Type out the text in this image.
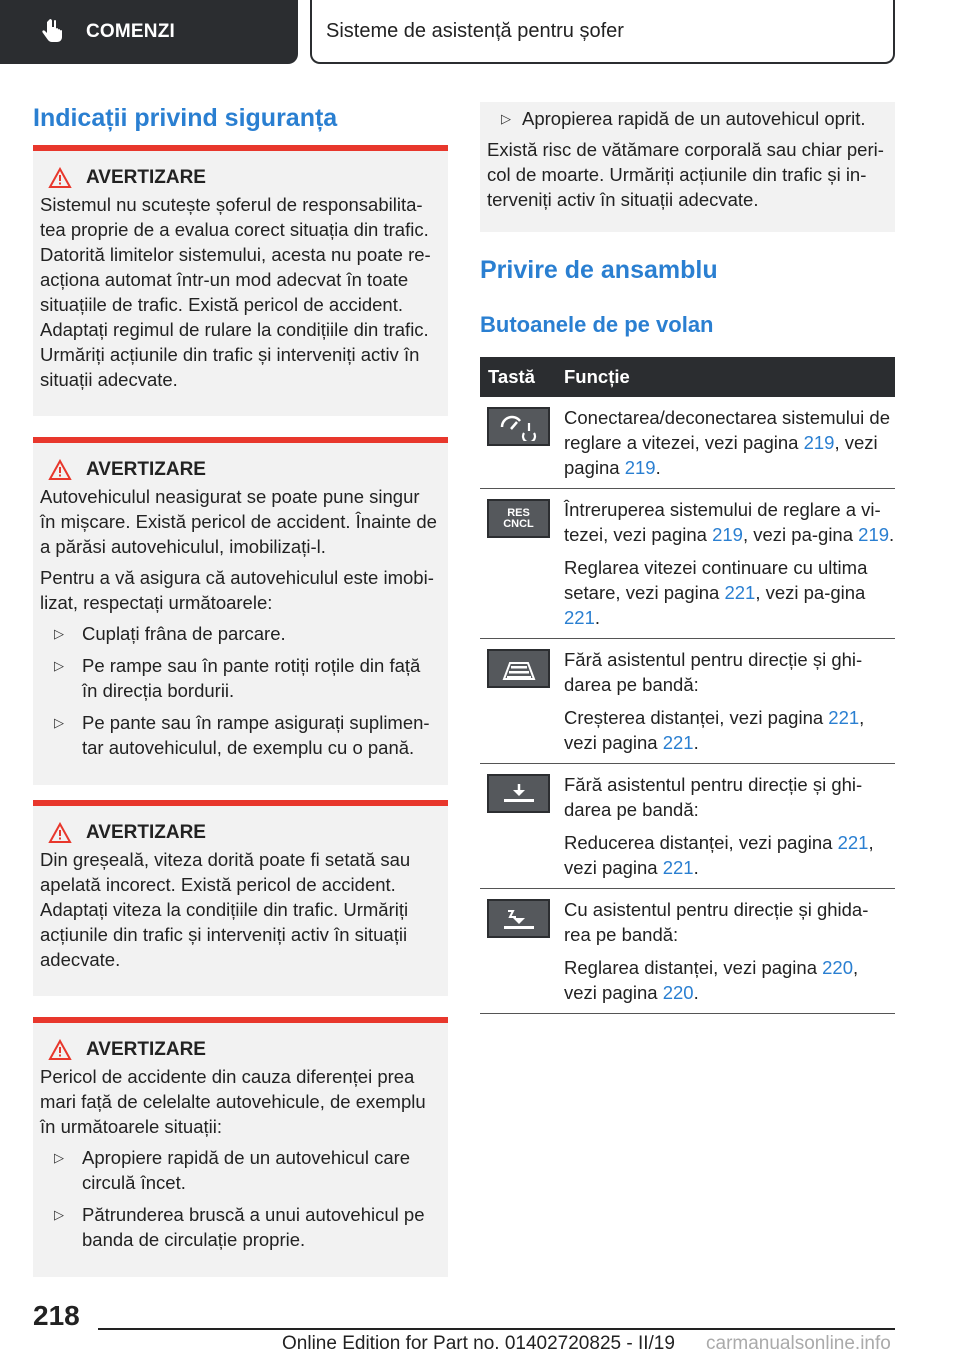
COMENZI	Sisteme de asistență pentru șofer
Indicații privind siguranța
AVERTIZARE

Sistemul nu scutește șoferul de responsabilita-tea proprie de a evalua corect situația din trafic. Datorită limitelor sistemului, acesta nu poate re-acționa automat într-un mod adecvat în toate situațiile de trafic. Există pericol de accident. Adaptați regimul de rulare la condițiile din trafic. Urmăriți acțiunile din trafic și interveniți activ în situații adecvate.

AVERTIZARE

Autovehiculul neasigurat se poate pune singur în mișcare. Există pericol de accident. Înainte de a părăsi autovehiculul, imobilizați-l.

Pentru a vă asigura că autovehiculul este imobi-lizat, respectați următoarele:

▷ Cuplați frâna de parcare.
▷ Pe rampe sau în pante rotiți roțile din față în direcția bordurii.
▷ Pe pante sau în rampe asigurați suplimen-tar autovehiculul, de exemplu cu o pană.
AVERTIZARE

Din greșeală, viteza dorită poate fi setată sau apelată incorect. Există pericol de accident. Adaptați viteza la condițiile din trafic. Urmăriți acțiunile din trafic și interveniți activ în situații adecvate.

AVERTIZARE

Pericol de accidente din cauza diferenței prea mari față de celelalte autovehicule, de exemplu în următoarele situații:

▷ Apropiere rapidă de un autovehicul care circulă încet.
▷ Pătrunderea bruscă a unui autovehicul pe banda de circulație proprie.
▷ Apropierea rapidă de un autovehicul oprit.

Există risc de vătămare corporală sau chiar peri-col de moarte. Urmăriți acțiunile din trafic și in-terveniți activ în situații adecvate.

Privire de ansamblu
Butoanele de pe volan
Tastă	Funcție

Conectarea/deconectarea sistemului de reglare a vitezei, vezi pagina 219, vezi pagina 219.

RES CNCL

Întreruperea sistemului de reglare a vi-tezei, vezi pagina 219, vezi pa-gina 219.

Reglarea vitezei continuare cu ultima setare, vezi pagina 221, vezi pa-gina 221.

Fără asistentul pentru direcție și ghi-darea pe bandă:

Creșterea distanței, vezi pagina 221, vezi pagina 221.

Fără asistentul pentru direcție și ghi-darea pe bandă:

Reducerea distanței, vezi pagina 221, vezi pagina 221.

Cu asistentul pentru direcție și ghida-rea pe bandă:

Reglarea distanței, vezi pagina 220, vezi pagina 220.

218
Online Edition for Part no. 01402720825 - II/19 carmanualsonline.info
